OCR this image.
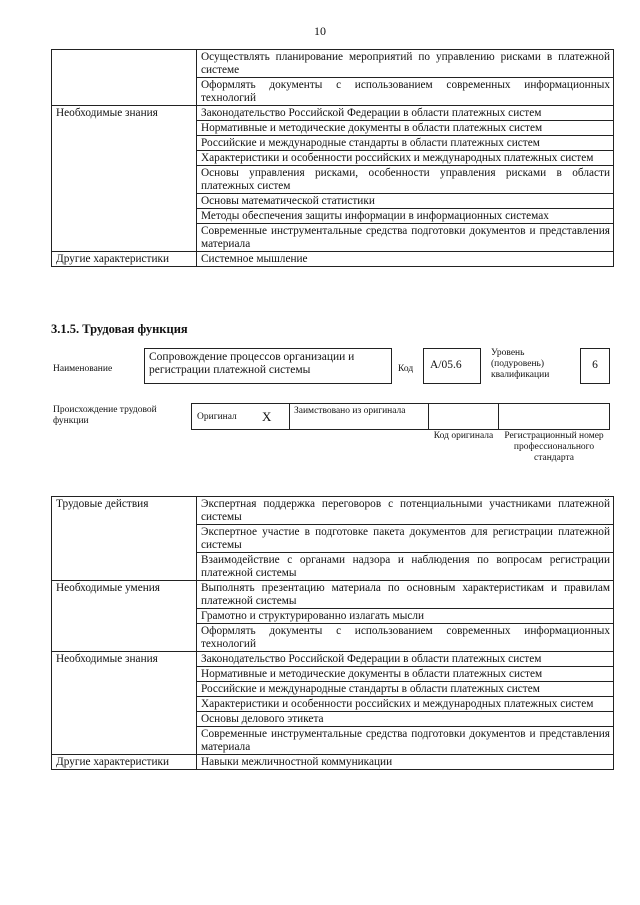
10
	Осуществлять планирование мероприятий по управлению рисками в платежной системе
	Оформлять документы с использованием современных информационных технологий
Необходимые знания	Законодательство Российской Федерации в области платежных систем
	Нормативные и методические документы в области платежных систем
	Российские и международные стандарты в области платежных систем
	Характеристики и особенности российских и международных платежных систем
	Основы управления рисками, особенности управления рисками в области платежных систем
	Основы математической статистики
	Методы обеспечения защиты информации в информационных системах
	Современные инструментальные средства подготовки документов и представления материала
Другие характеристики	Системное мышление
3.1.5. Трудовая функция
Наименование
Сопровождение процессов организации и регистрации платежной системы	Код	А/05.6
Уровень (подуровень) квалификации
6
Происхождение трудовой функции	Оригинал Х	Заимствовано из оригинала
Код оригинала	Регистрационный номер профессионального стандарта
Трудовые действия	Экспертная поддержка переговоров с потенциальными участниками платежной системы
	Экспертное участие в подготовке пакета документов для регистрации платежной системы
	Взаимодействие с органами надзора и наблюдения по вопросам регистрации платежной системы
Необходимые умения	Выполнять презентацию материала по основным характеристикам и правилам платежной системы
	Грамотно и структурированно излагать мысли
	Оформлять документы с использованием современных информационных технологий
Необходимые знания	Законодательство Российской Федерации в области платежных систем
	Нормативные и методические документы в области платежных систем
	Российские и международные стандарты в области платежных систем
	Характеристики и особенности российских и международных платежных систем
	Основы делового этикета
	Современные инструментальные средства подготовки документов и представления материала
Другие характеристики	Навыки межличностной коммуникации
